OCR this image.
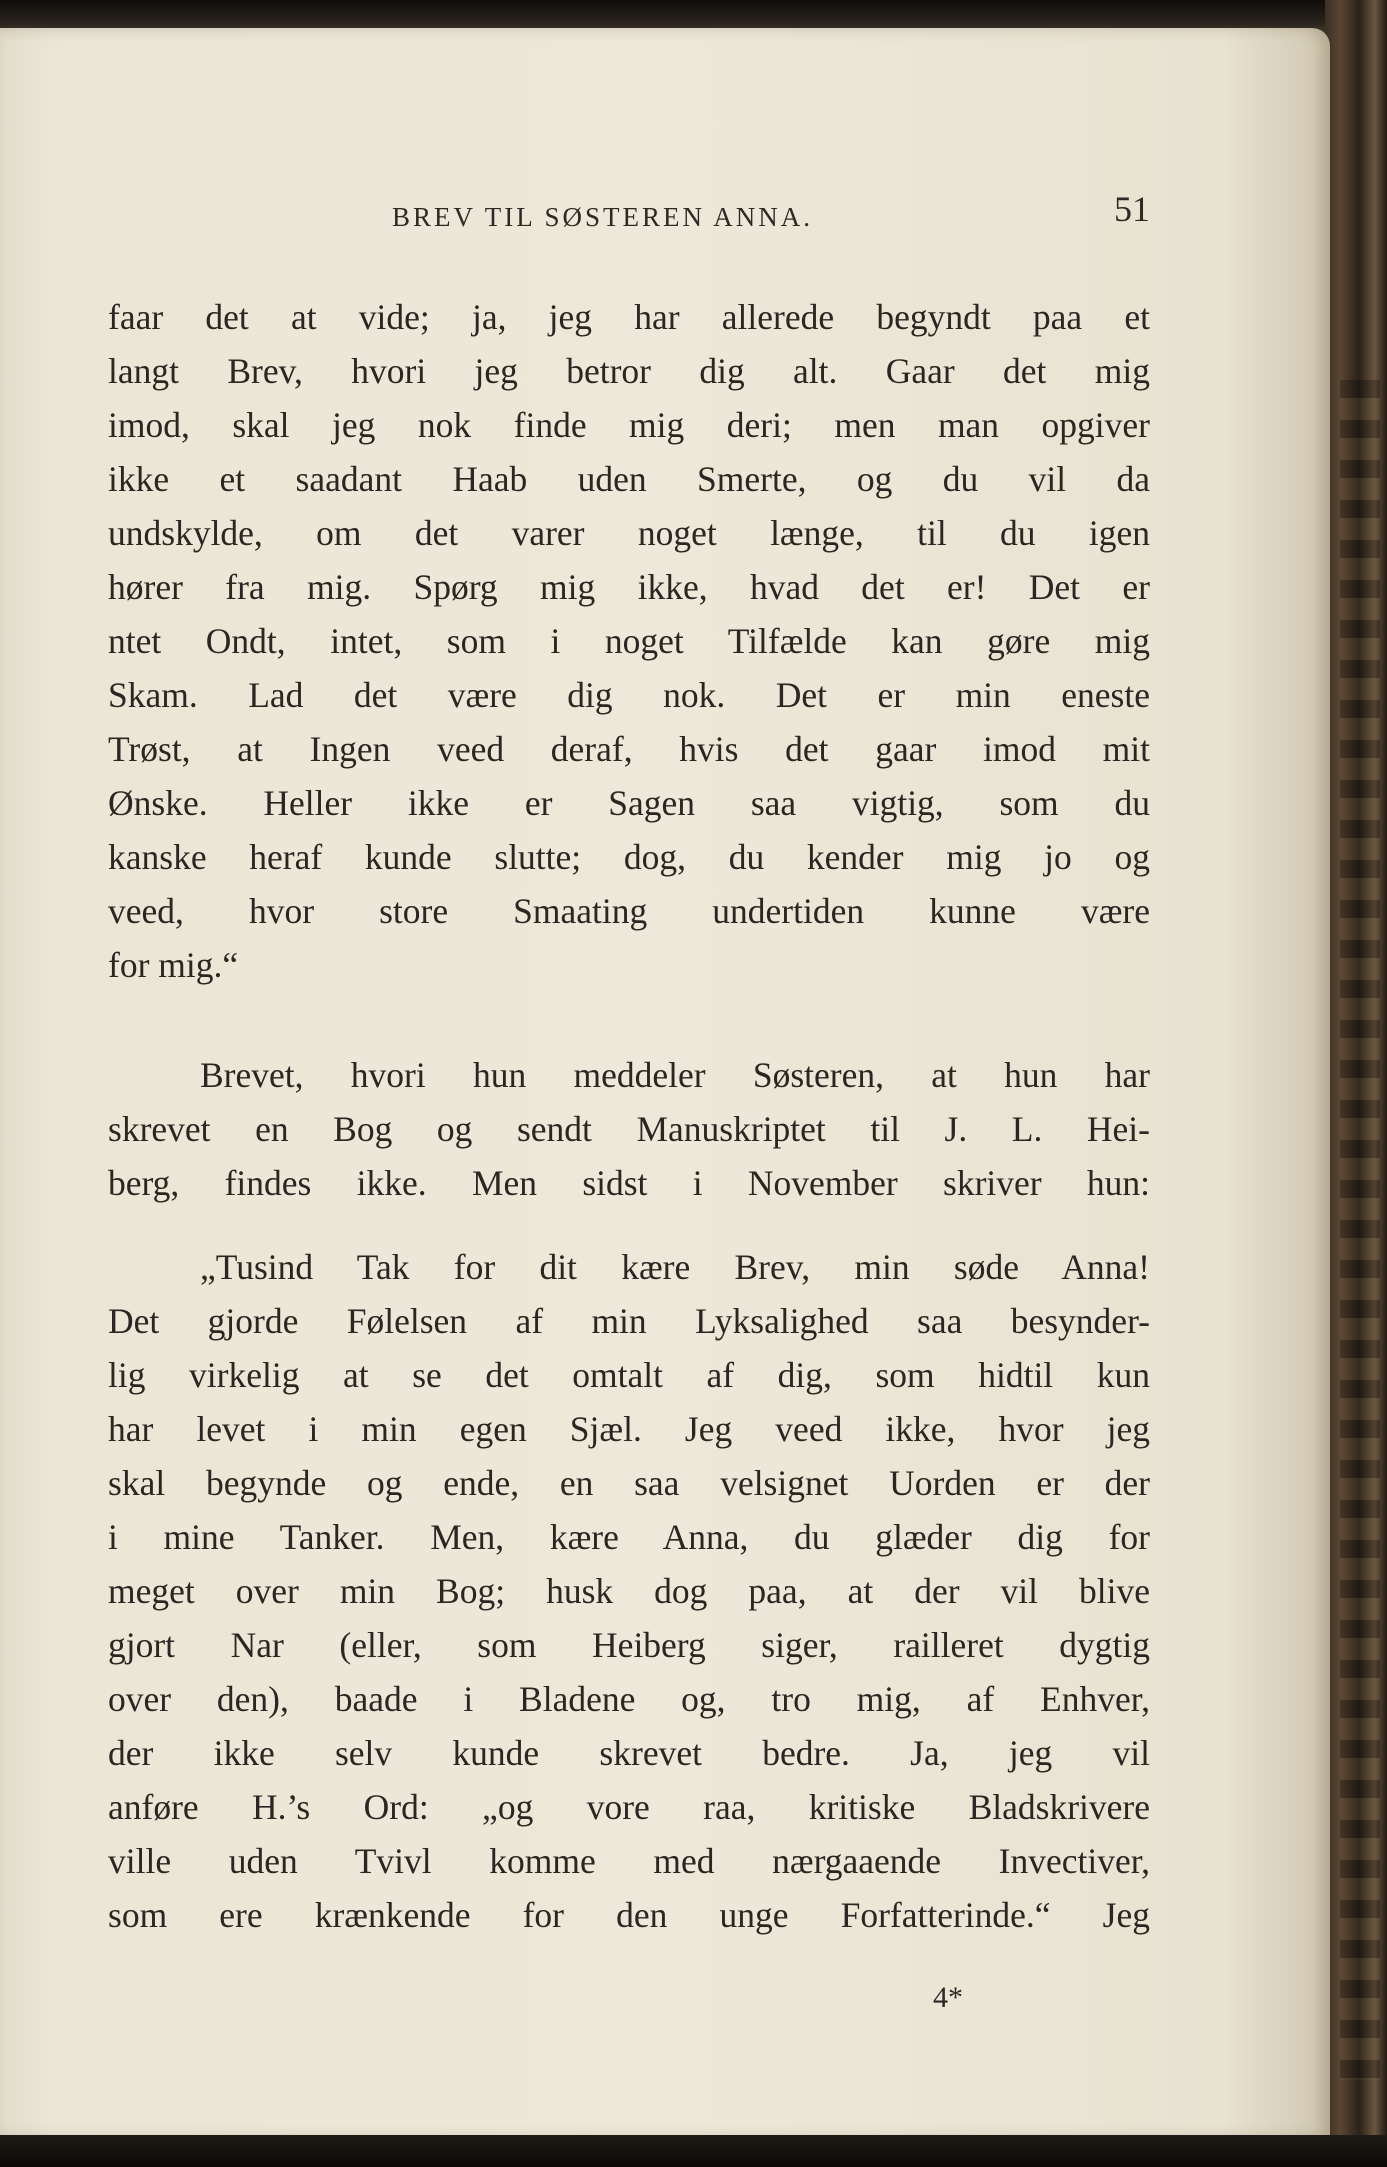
BREV TIL SØSTEREN ANNA.	51
faar det at vide; ja, jeg har allerede begyndt paa et
langt Brev, hvori jeg betror dig alt. Gaar det mig
imod, skal jeg nok finde mig deri; men man opgiver
ikke et saadant Haab uden Smerte, og du vil da
undskylde, om det varer noget længe, til du igen
hører fra mig. Spørg mig ikke, hvad det er! Det er
ntet Ondt, intet, som i noget Tilfælde kan gøre mig
Skam. Lad det være dig nok. Det er min eneste
Trøst, at Ingen veed deraf, hvis det gaar imod mit
Ønske. Heller ikke er Sagen saa vigtig, som du
kanske heraf kunde slutte; dog, du kender mig jo og
veed, hvor store Smaating undertiden kunne være
for mig.“
Brevet, hvori hun meddeler Søsteren, at hun har
skrevet en Bog og sendt Manuskriptet til J. L. Hei-
berg, findes ikke. Men sidst i November skriver hun:
„Tusind Tak for dit kære Brev, min søde Anna!
Det gjorde Følelsen af min Lyksalighed saa besynder-
lig virkelig at se det omtalt af dig, som hidtil kun
har levet i min egen Sjæl. Jeg veed ikke, hvor jeg
skal begynde og ende, en saa velsignet Uorden er der
i mine Tanker. Men, kære Anna, du glæder dig for
meget over min Bog; husk dog paa, at der vil blive
gjort Nar (eller, som Heiberg siger, railleret dygtig
over den), baade i Bladene og, tro mig, af Enhver,
der ikke selv kunde skrevet bedre. Ja, jeg vil
anføre H.’s Ord: „og vore raa, kritiske Bladskrivere
ville uden Tvivl komme med nærgaaende Invectiver,
som ere krænkende for den unge Forfatterinde.“ Jeg
4*
